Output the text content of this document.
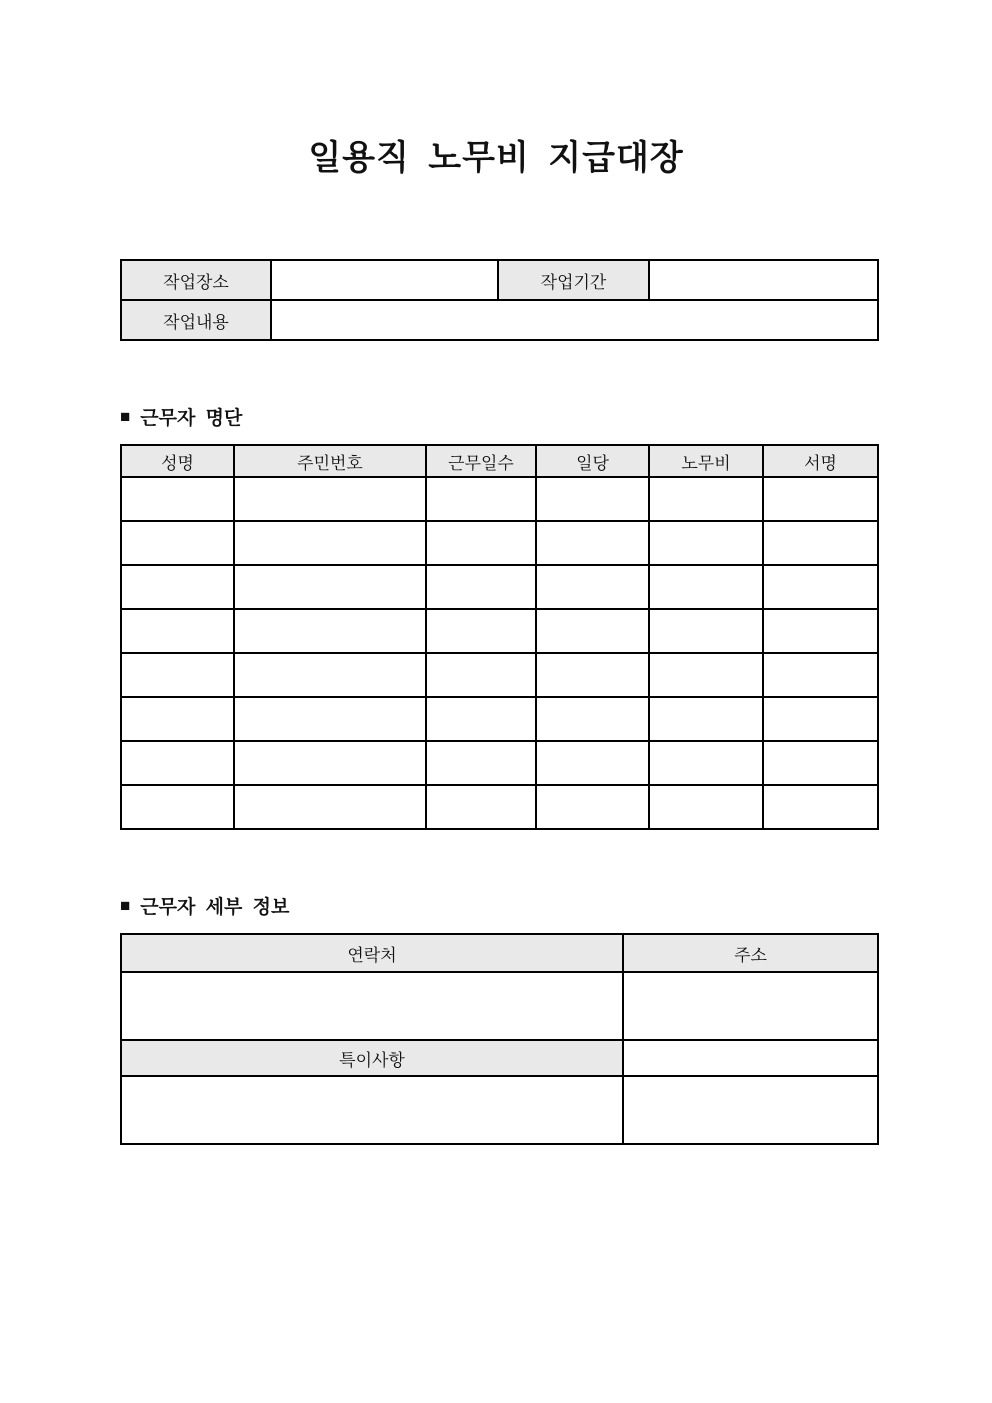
일용직 노무비 지급대장
작업장소		작업기간	
작업내용			
■ 근무자 명단
성명	주민번호	근무일수	일당	노무비	서명

■ 근무자 세부 정보
연락처	주소

특이사항	
